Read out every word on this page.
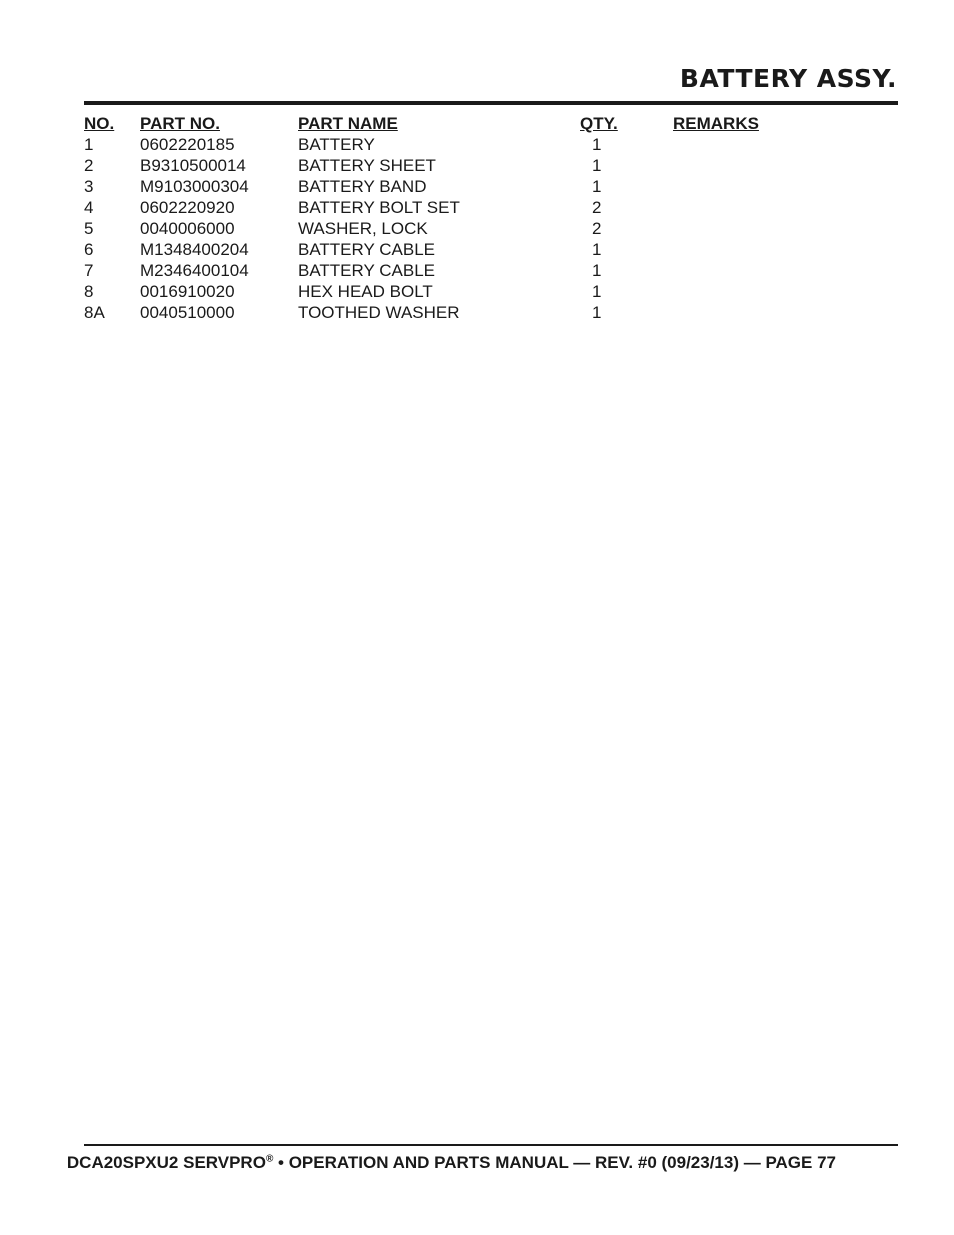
BATTERY ASSY.
NO.	PART NO.	PART NAME	QTY.	REMARKS
1	0602220185	BATTERY	1	
2	B9310500014	BATTERY SHEET	1	
3	M9103000304	BATTERY BAND	1	
4	0602220920	BATTERY BOLT SET	2	
5	0040006000	WASHER, LOCK	2	
6	M1348400204	BATTERY CABLE	1	
7	M2346400104	BATTERY CABLE	1	
8	0016910020	HEX HEAD BOLT	1	
8A	0040510000	TOOTHED WASHER	1	
DCA20SPXU2 SERVPRO® • OPERATION AND PARTS MANUAL — REV. #0 (09/23/13) — PAGE 77
